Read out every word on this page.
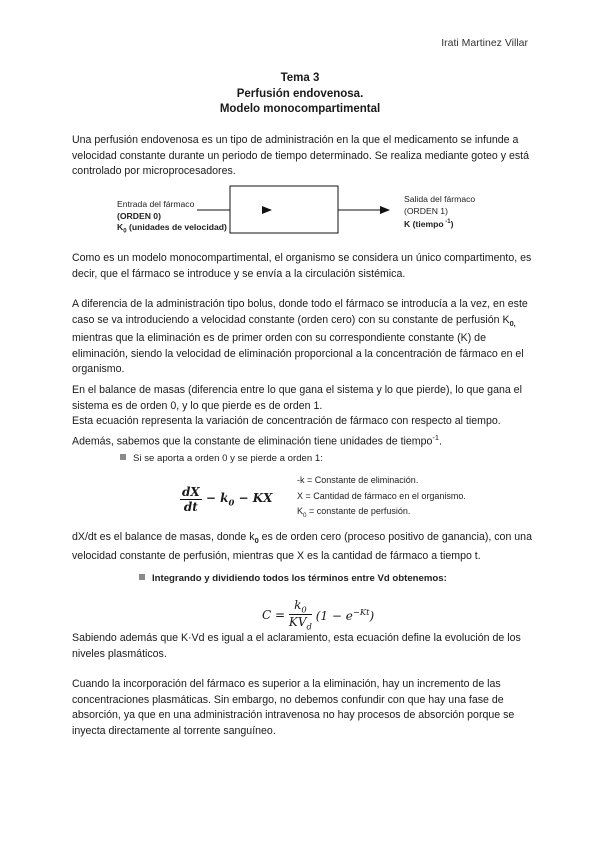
Irati Martinez Villar
Tema 3
Perfusión endovenosa.
Modelo monocompartimental
Una perfusión endovenosa es un tipo de administración en la que el medicamento se infunde a velocidad constante durante un periodo de tiempo determinado. Se realiza mediante goteo y está controlado por microprocesadores.
Entrada del fármaco
(ORDEN 0)
$K_0$ (unidades de velocidad)
Salida del fármaco
(ORDEN 1)
K (tiempo $^{-1}$)
Como es un modelo monocompartimental, el organismo se considera un único compartimento, es decir, que el fármaco se introduce y se envía a la circulación sistémica.
A diferencia de la administración tipo bolus, donde todo el fármaco se introducía a la vez, en este caso se va introduciendo a velocidad constante (orden cero) con su constante de perfusión $K_{0,}$ mientras que la eliminación es de primer orden con su correspondiente constante (K) de eliminación, siendo la velocidad de eliminación proporcional a la concentración de fármaco en el organismo.
En el balance de masas (diferencia entre lo que gana el sistema y lo que pierde), lo que gana el sistema es de orden 0, y lo que pierde es de orden 1.
Esta ecuación representa la variación de concentración de fármaco con respecto al tiempo. Además, sabemos que la constante de eliminación tiene unidades de tiempo$^{-1}$.
Si se aporta a orden 0 y se pierde a orden 1:
$\frac{dX}{dt} - k_0$ − KX
-k = Constante de eliminación.
X = Cantidad de fármaco en el organismo.
$K_0$ = constante de perfusión.
dX/dt es el balance de masas, donde $k_0$ es de orden cero (proceso positivo de ganancia), con una velocidad constante de perfusión, mientras que X es la cantidad de fármaco a tiempo t.
Integrando y dividiendo todos los términos entre Vd obtenemos:
C =
$k_0$
$KV_d$
$(1 - e^{-Kt})$
Sabiendo además que K·Vd es igual a el aclaramiento, esta ecuación define la evolución de los niveles plasmáticos.
Cuando la incorporación del fármaco es superior a la eliminación, hay un incremento de las concentraciones plasmáticas. Sin embargo, no debemos confundir con que hay una fase de absorción, ya que en una administración intravenosa no hay procesos de absorción porque se inyecta directamente al torrente sanguíneo.
